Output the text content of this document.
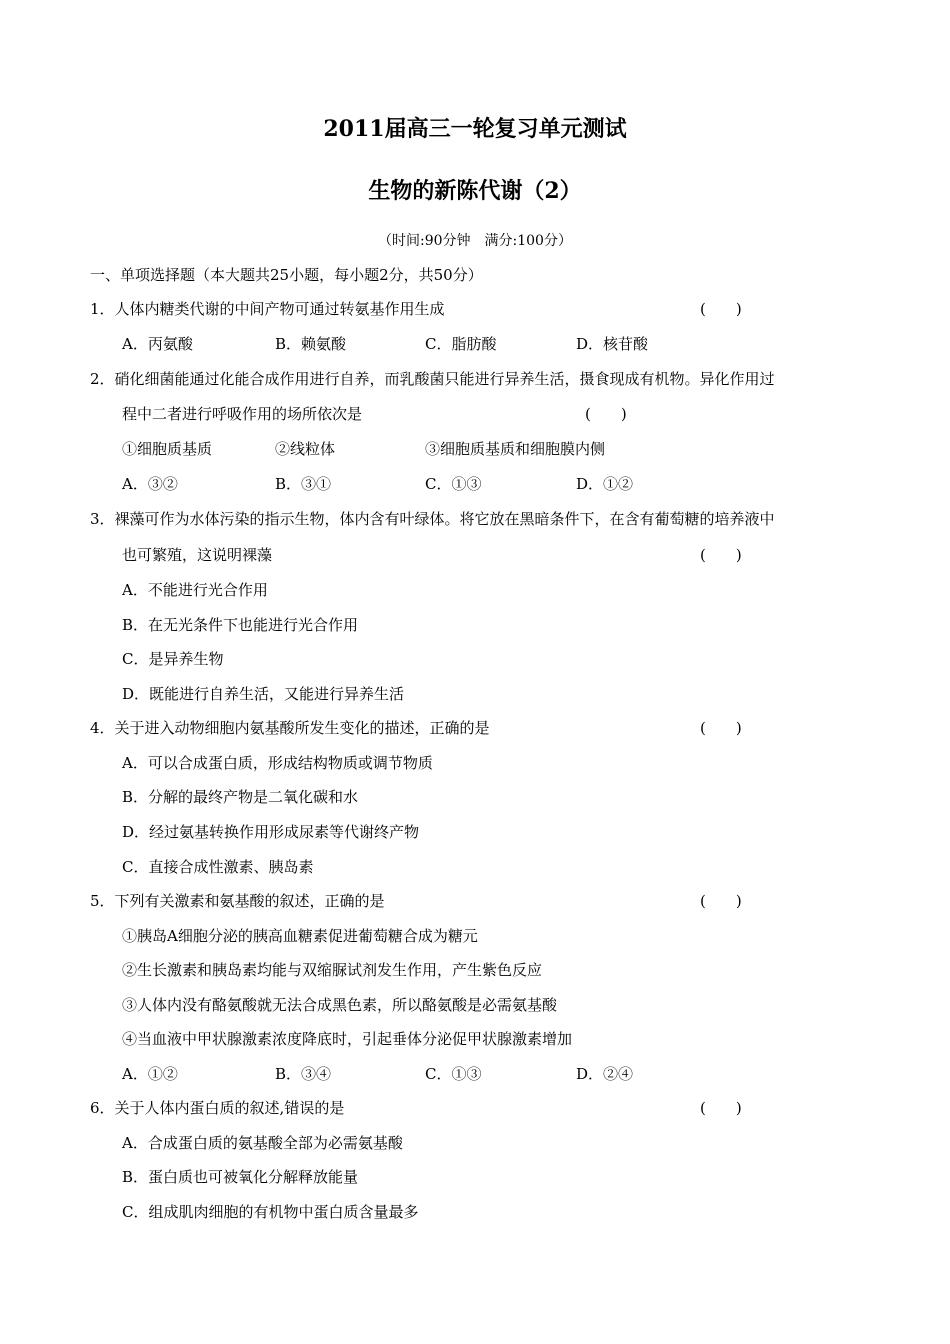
2011届高三一轮复习单元测试
生物的新陈代谢（2）
（时间:90分钟　满分:100分）
一、单项选择题（本大题共25小题，每小题2分，共50分）
1．人体内糖类代谢的中间产物可通过转氨基作用生成	(　　)
A．丙氨酸	B．赖氨酸	C．脂肪酸	D．核苷酸
2．硝化细菌能通过化能合成作用进行自养，而乳酸菌只能进行异养生活，摄食现成有机物。异化作用过
程中二者进行呼吸作用的场所依次是	(　　)
①细胞质基质	②线粒体	③细胞质基质和细胞膜内侧
A．③②	B．③①	C．①③	D．①②
3．裸藻可作为水体污染的指示生物，体内含有叶绿体。将它放在黑暗条件下，在含有葡萄糖的培养液中
也可繁殖，这说明裸藻	(　　)
A．不能进行光合作用
B．在无光条件下也能进行光合作用
C．是异养生物
D．既能进行自养生活，又能进行异养生活
4．关于进入动物细胞内氨基酸所发生变化的描述，正确的是	(　　)
A．可以合成蛋白质，形成结构物质或调节物质
B．分解的最终产物是二氧化碳和水
D．经过氨基转换作用形成尿素等代谢终产物
C．直接合成性激素、胰岛素
5．下列有关激素和氨基酸的叙述，正确的是	(　　)
①胰岛A细胞分泌的胰高血糖素促进葡萄糖合成为糖元
②生长激素和胰岛素均能与双缩脲试剂发生作用，产生紫色反应
③人体内没有酪氨酸就无法合成黑色素，所以酪氨酸是必需氨基酸
④当血液中甲状腺激素浓度降底时，引起垂体分泌促甲状腺激素增加
A．①②	B．③④	C．①③	D．②④
6．关于人体内蛋白质的叙述,错误的是	(　　)
A．合成蛋白质的氨基酸全部为必需氨基酸
B．蛋白质也可被氧化分解释放能量
C．组成肌肉细胞的有机物中蛋白质含量最多
